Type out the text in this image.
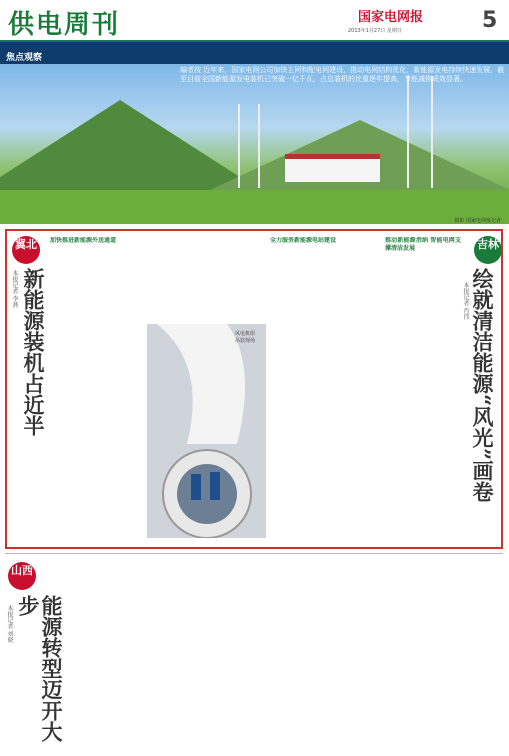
供电周刊	国家电网报	5
2013年1月27日 星期日
焦点观察
编者按 近年来，国家电网公司加快主网和配电网建设，推动电网结构优化，新能源发电持续快速发展，截至目前全国新能源发电装机已突破一亿千瓦，占总装机的比重逐年提高，节能减排成效显著。
摄影 国家电网报记者
冀北
新能源装机占近半
本报记者 李燕
加快推进新能源外送通道	全力服务新能源电站建设
风电机组吊装现场
吉林
绘就清洁能源“风光”画卷
本报记者 肖伟
推动新能源消纳 智能电网支撑清洁发展
山西
能源转型迈开大步
本报记者 刘晓
